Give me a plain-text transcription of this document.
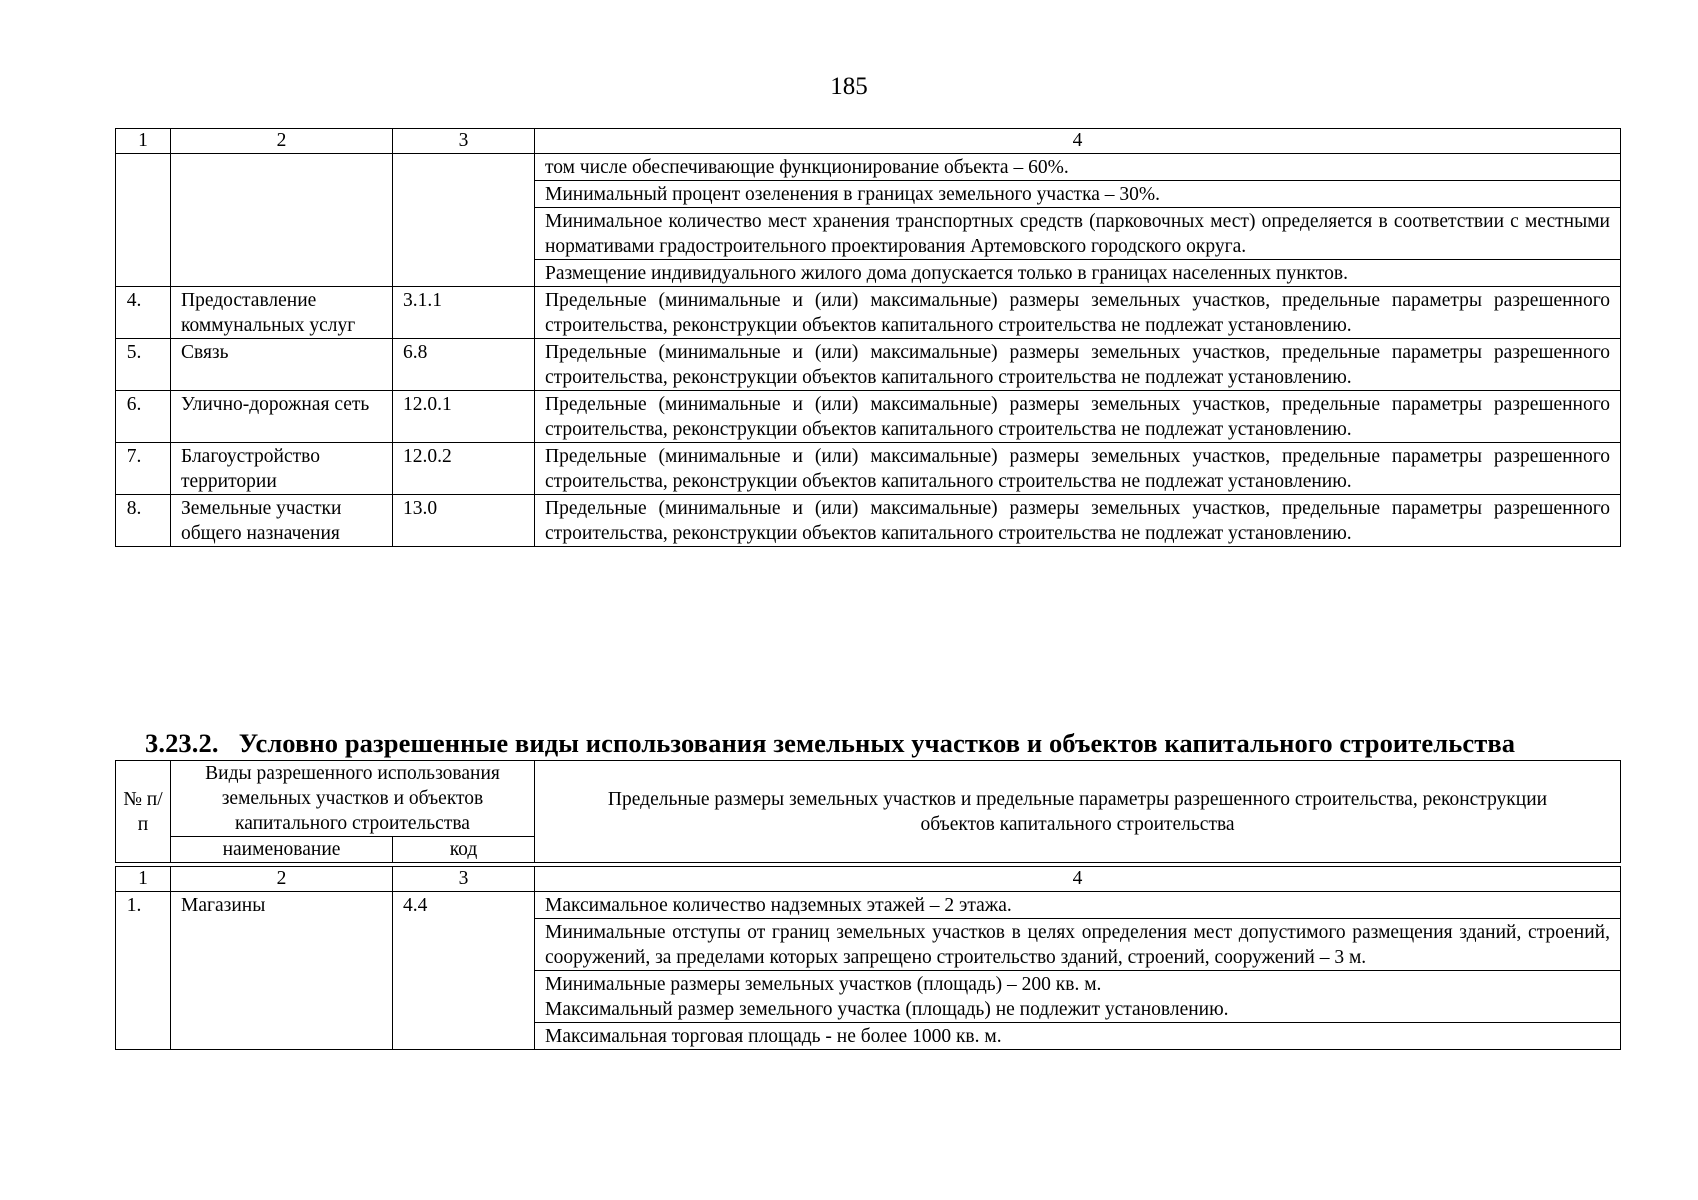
185
1	2	3	4
			том числе обеспечивающие функционирование объекта – 60%.
			Минимальный процент озеленения в границах земельного участка – 30%.
			Минимальное количество мест хранения транспортных средств (парковочных мест) определяется в соответствии с местными нормативами градостроительного проектирования Артемовского городского округа.
			Размещение индивидуального жилого дома допускается только в границах населенных пунктов.
4.	Предоставление коммунальных услуг	3.1.1	Предельные (минимальные и (или) максимальные) размеры земельных участков, предельные параметры разрешенного строительства, реконструкции объектов капитального строительства не подлежат установлению.
5.	Связь	6.8	Предельные (минимальные и (или) максимальные) размеры земельных участков, предельные параметры разрешенного строительства, реконструкции объектов капитального строительства не подлежат установлению.
6.	Улично-дорожная сеть	12.0.1	Предельные (минимальные и (или) максимальные) размеры земельных участков, предельные параметры разрешенного строительства, реконструкции объектов капитального строительства не подлежат установлению.
7.	Благоустройство территории	12.0.2	Предельные (минимальные и (или) максимальные) размеры земельных участков, предельные параметры разрешенного строительства, реконструкции объектов капитального строительства не подлежат установлению.
8.	Земельные участки общего назначения	13.0	Предельные (минимальные и (или) максимальные) размеры земельных участков, предельные параметры разрешенного строительства, реконструкции объектов капитального строительства не подлежат установлению.
3.23.2. Условно разрешенные виды использования земельных участков и объектов капитального строительства
№ п/п	Виды разрешенного использования земельных участков и объектов капитального строительства		Предельные размеры земельных участков и предельные параметры разрешенного строительства, реконструкции объектов капитального строительства
	наименование	код	
1	2	3	4
1.	Магазины	4.4	Максимальное количество надземных этажей – 2 этажа.
			Минимальные отступы от границ земельных участков в целях определения мест допустимого размещения зданий, строений, сооружений, за пределами которых запрещено строительство зданий, строений, сооружений – 3 м.

			Минимальные размеры земельных участков (площадь) – 200 кв. м.
Максимальный размер земельного участка (площадь) не подлежит установлению.

			Максимальная торговая площадь - не более 1000 кв. м.
